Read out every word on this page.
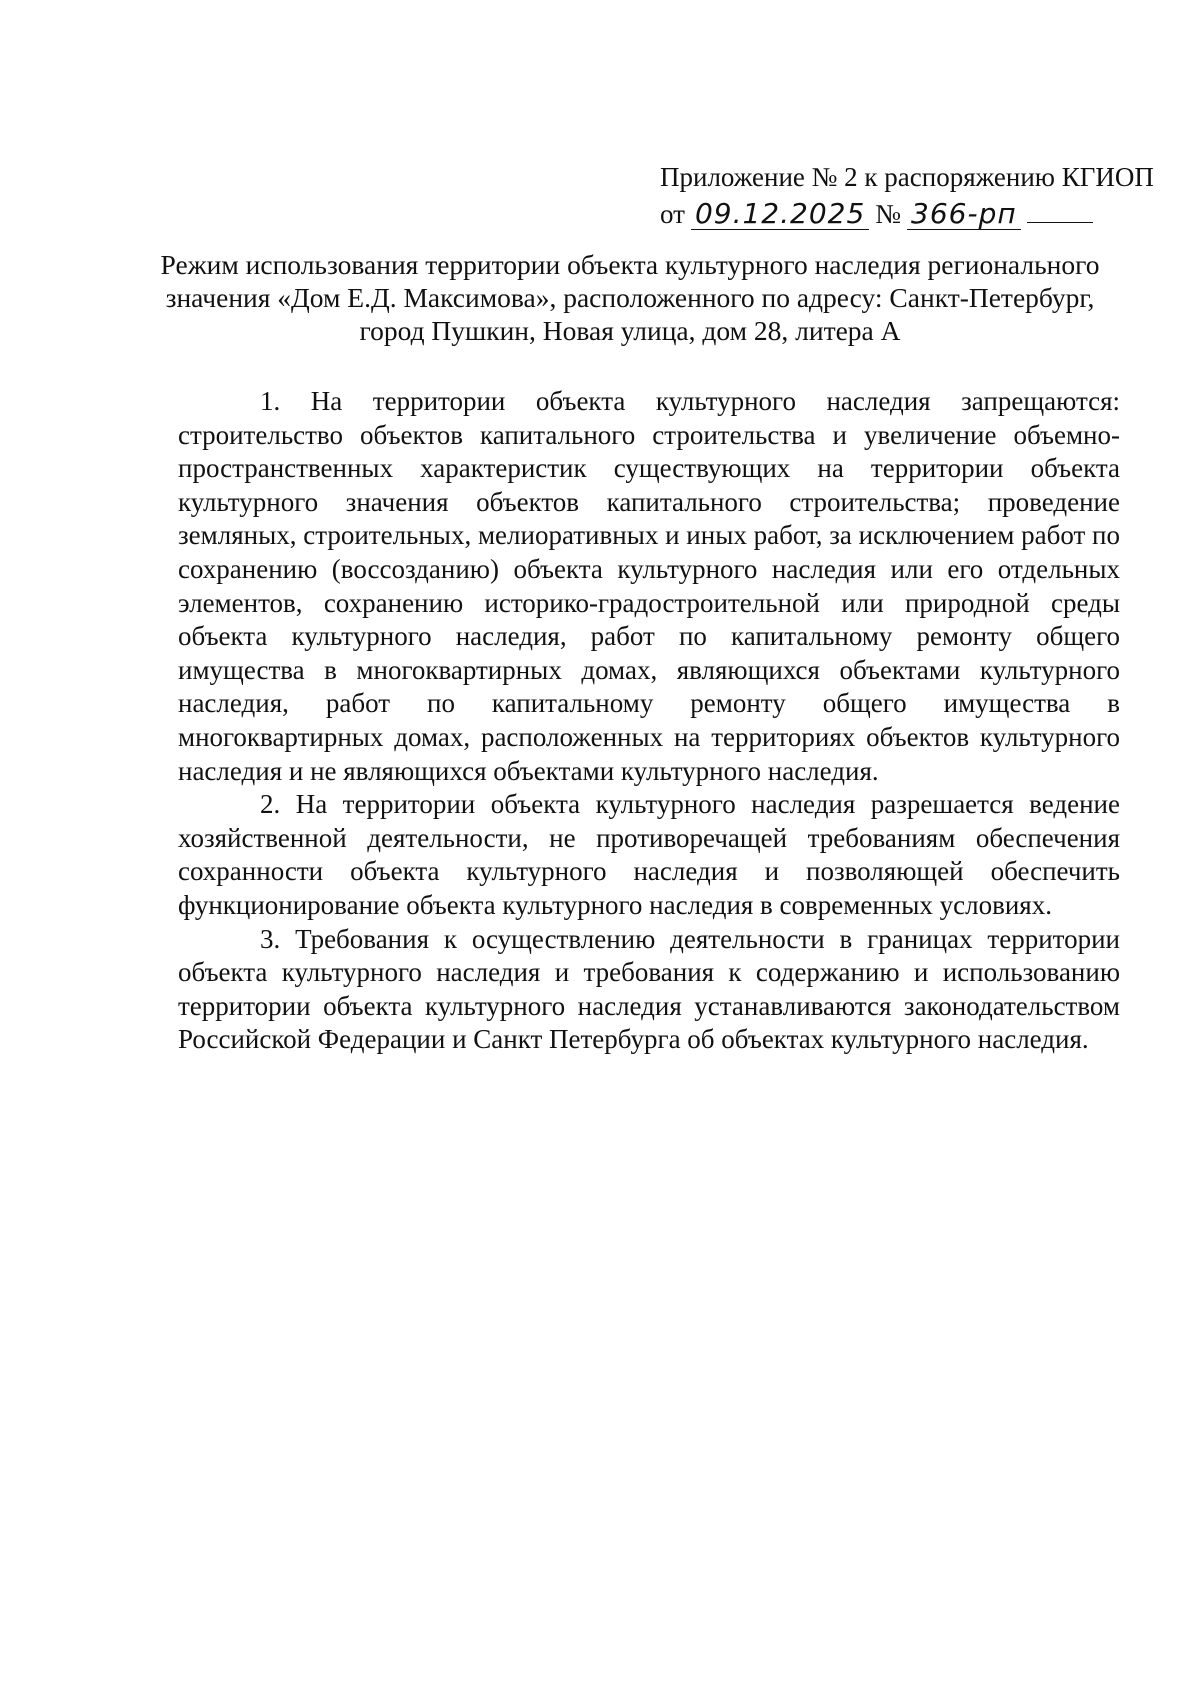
Приложение № 2 к распоряжению КГИОП
от 09.12.2025 № 366-рп
Режим использования территории объекта культурного наследия регионального
значения «Дом Е.Д. Максимова», расположенного по адресу: Санкт-Петербург,
город Пушкин, Новая улица, дом 28, литера А

1. На территории объекта культурного наследия запрещаются: строительство объектов капитального строительства и увеличение объемно-пространственных характеристик существующих на территории объекта культурного значения объектов капитального строительства; проведение земляных, строительных, мелиоративных и иных работ, за исключением работ по сохранению (воссозданию) объекта культурного наследия или его отдельных элементов, сохранению историко-градостроительной или природной среды объекта культурного наследия, работ по капитальному ремонту общего имущества в многоквартирных домах, являющихся объектами культурного наследия, работ по капитальному ремонту общего имущества в многоквартирных домах, расположенных на территориях объектов культурного наследия и не являющихся объектами культурного наследия.

2. На территории объекта культурного наследия разрешается ведение хозяйственной деятельности, не противоречащей требованиям обеспечения сохранности объекта культурного наследия и позволяющей обеспечить функционирование объекта культурного наследия в современных условиях.

3. Требования к осуществлению деятельности в границах территории объекта культурного наследия и требования к содержанию и использованию территории объекта культурного наследия устанавливаются законодательством Российской Федерации и Санкт Петербурга об объектах культурного наследия.
